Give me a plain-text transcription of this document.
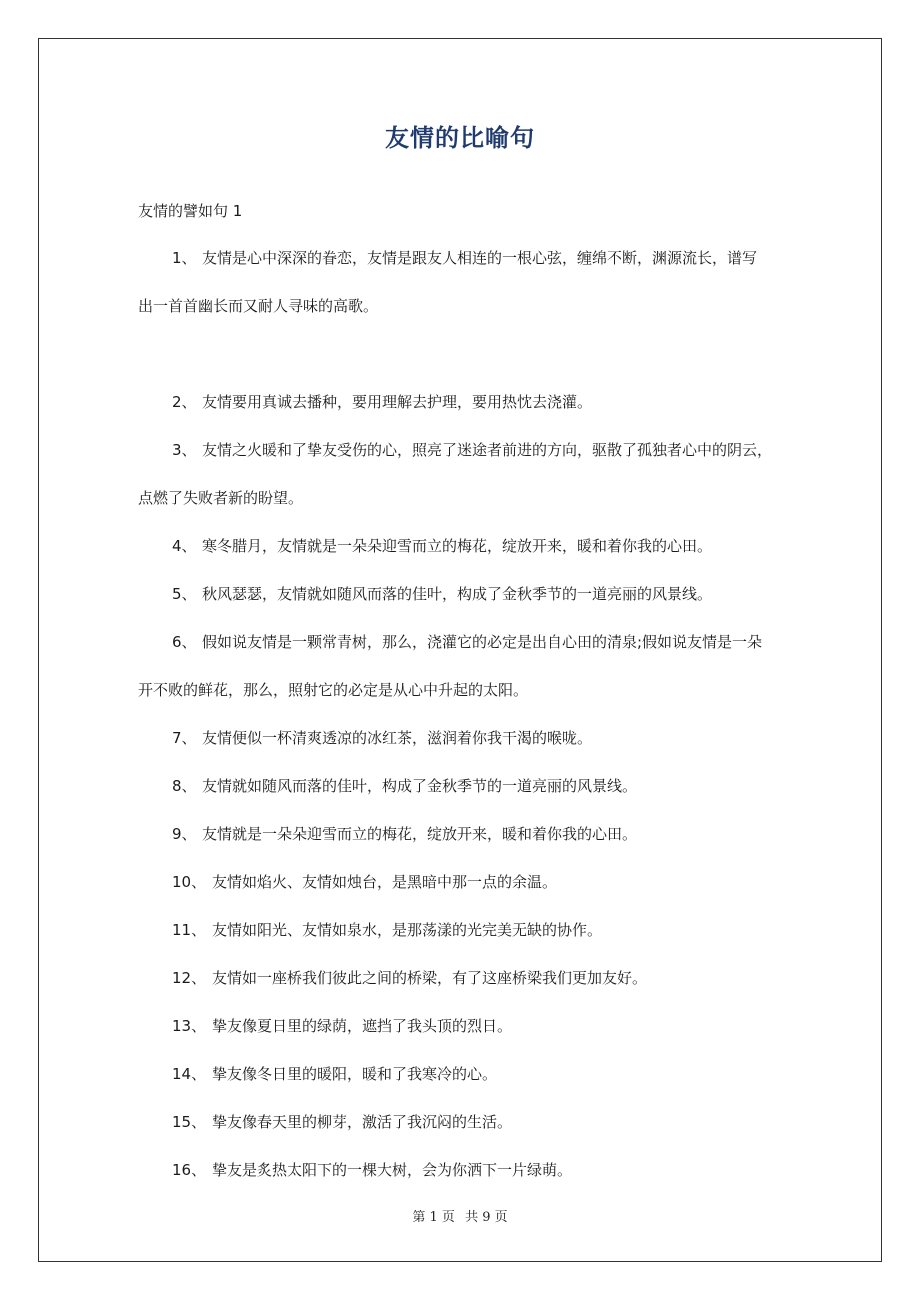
友情的比喻句
友情的譬如句 1
1、 友情是心中深深的眷恋，友情是跟友人相连的一根心弦，缠绵不断，渊源流长，谱写
出一首首幽长而又耐人寻味的高歌。
2、 友情要用真诚去播种，要用理解去护理，要用热忱去浇灌。
3、 友情之火暖和了挚友受伤的心，照亮了迷途者前进的方向，驱散了孤独者心中的阴云，
点燃了失败者新的盼望。
4、 寒冬腊月，友情就是一朵朵迎雪而立的梅花，绽放开来，暖和着你我的心田。
5、 秋风瑟瑟，友情就如随风而落的佳叶，构成了金秋季节的一道亮丽的风景线。
6、 假如说友情是一颗常青树，那么，浇灌它的必定是出自心田的清泉;假如说友情是一朵
开不败的鲜花，那么，照射它的必定是从心中升起的太阳。
7、 友情便似一杯清爽透凉的冰红茶，滋润着你我干渴的喉咙。
8、 友情就如随风而落的佳叶，构成了金秋季节的一道亮丽的风景线。
9、 友情就是一朵朵迎雪而立的梅花，绽放开来，暖和着你我的心田。
10、 友情如焰火、友情如烛台，是黑暗中那一点的余温。
11、 友情如阳光、友情如泉水，是那荡漾的光完美无缺的协作。
12、 友情如一座桥我们彼此之间的桥梁，有了这座桥梁我们更加友好。
13、 挚友像夏日里的绿荫，遮挡了我头顶的烈日。
14、 挚友像冬日里的暖阳，暖和了我寒冷的心。
15、 挚友像春天里的柳芽，激活了我沉闷的生活。
16、 挚友是炙热太阳下的一棵大树，会为你洒下一片绿萌。
第 1 页 共 9 页
